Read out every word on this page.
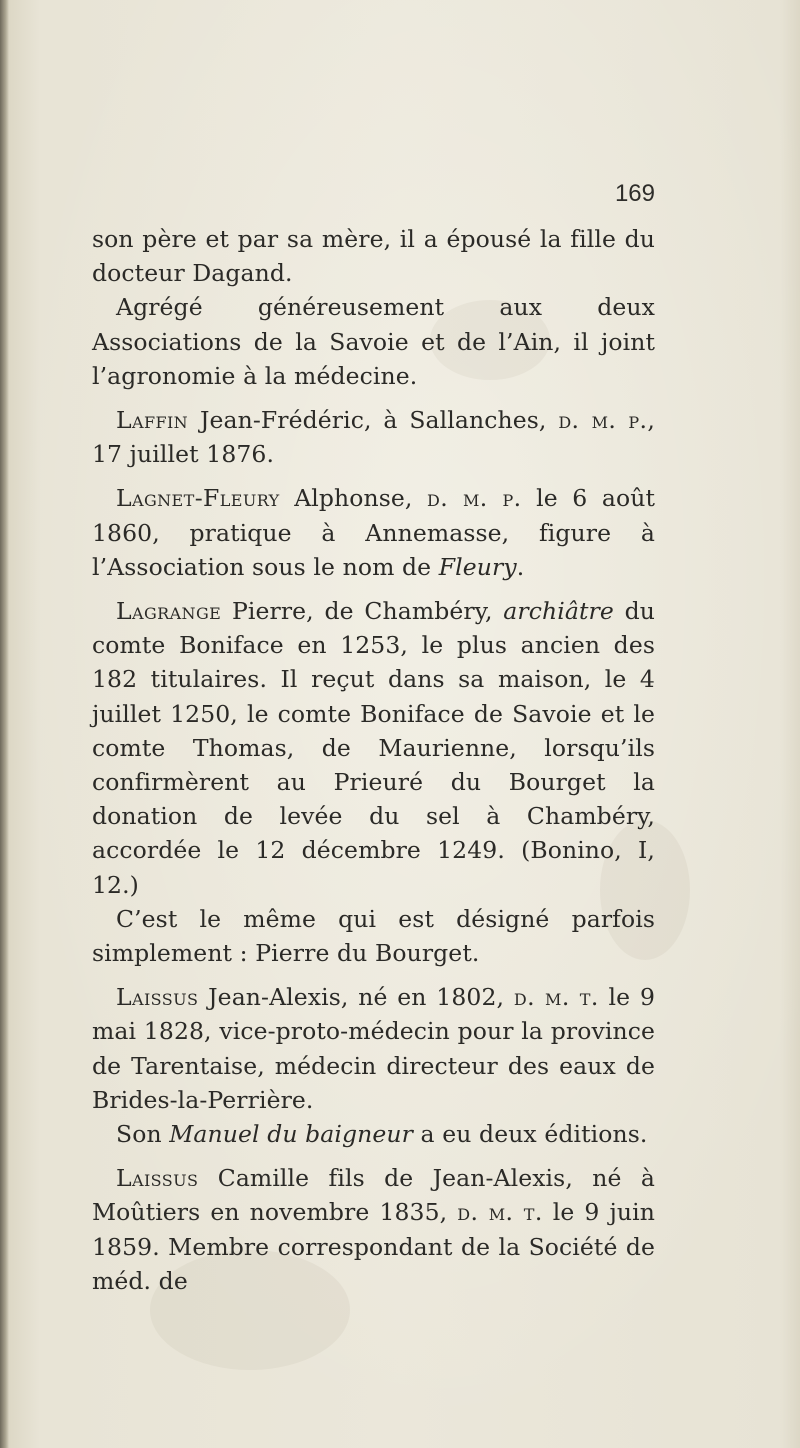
169

son père et par sa mère, il a épousé la fille du docteur Dagand.

Agrégé généreusement aux deux Associations de la Savoie et de l’Ain, il joint l’agronomie à la médecine.

Laffin Jean-Frédéric, à Sallanches, d. m. p., 17 juillet 1876.

Lagnet-Fleury Alphonse, d. m. p. le 6 août 1860, pratique à Annemasse, figure à l’Association sous le nom de Fleury.

Lagrange Pierre, de Chambéry, archiâtre du comte Boniface en 1253, le plus ancien des 182 titulaires. Il reçut dans sa maison, le 4 juillet 1250, le comte Boniface de Savoie et le comte Thomas, de Maurienne, lorsqu’ils confirmèrent au Prieuré du Bourget la donation de levée du sel à Chambéry, accordée le 12 décembre 1249. (Bonino, I, 12.)

C’est le même qui est désigné parfois simplement : Pierre du Bourget.

Laissus Jean-Alexis, né en 1802, d. m. t. le 9 mai 1828, vice-proto-médecin pour la province de Tarentaise, médecin directeur des eaux de Brides-la-Perrière.

Son Manuel du baigneur a eu deux éditions.

Laissus Camille fils de Jean-Alexis, né à Moûtiers en novembre 1835, d. m. t. le 9 juin 1859. Membre correspondant de la Société de méd. de
